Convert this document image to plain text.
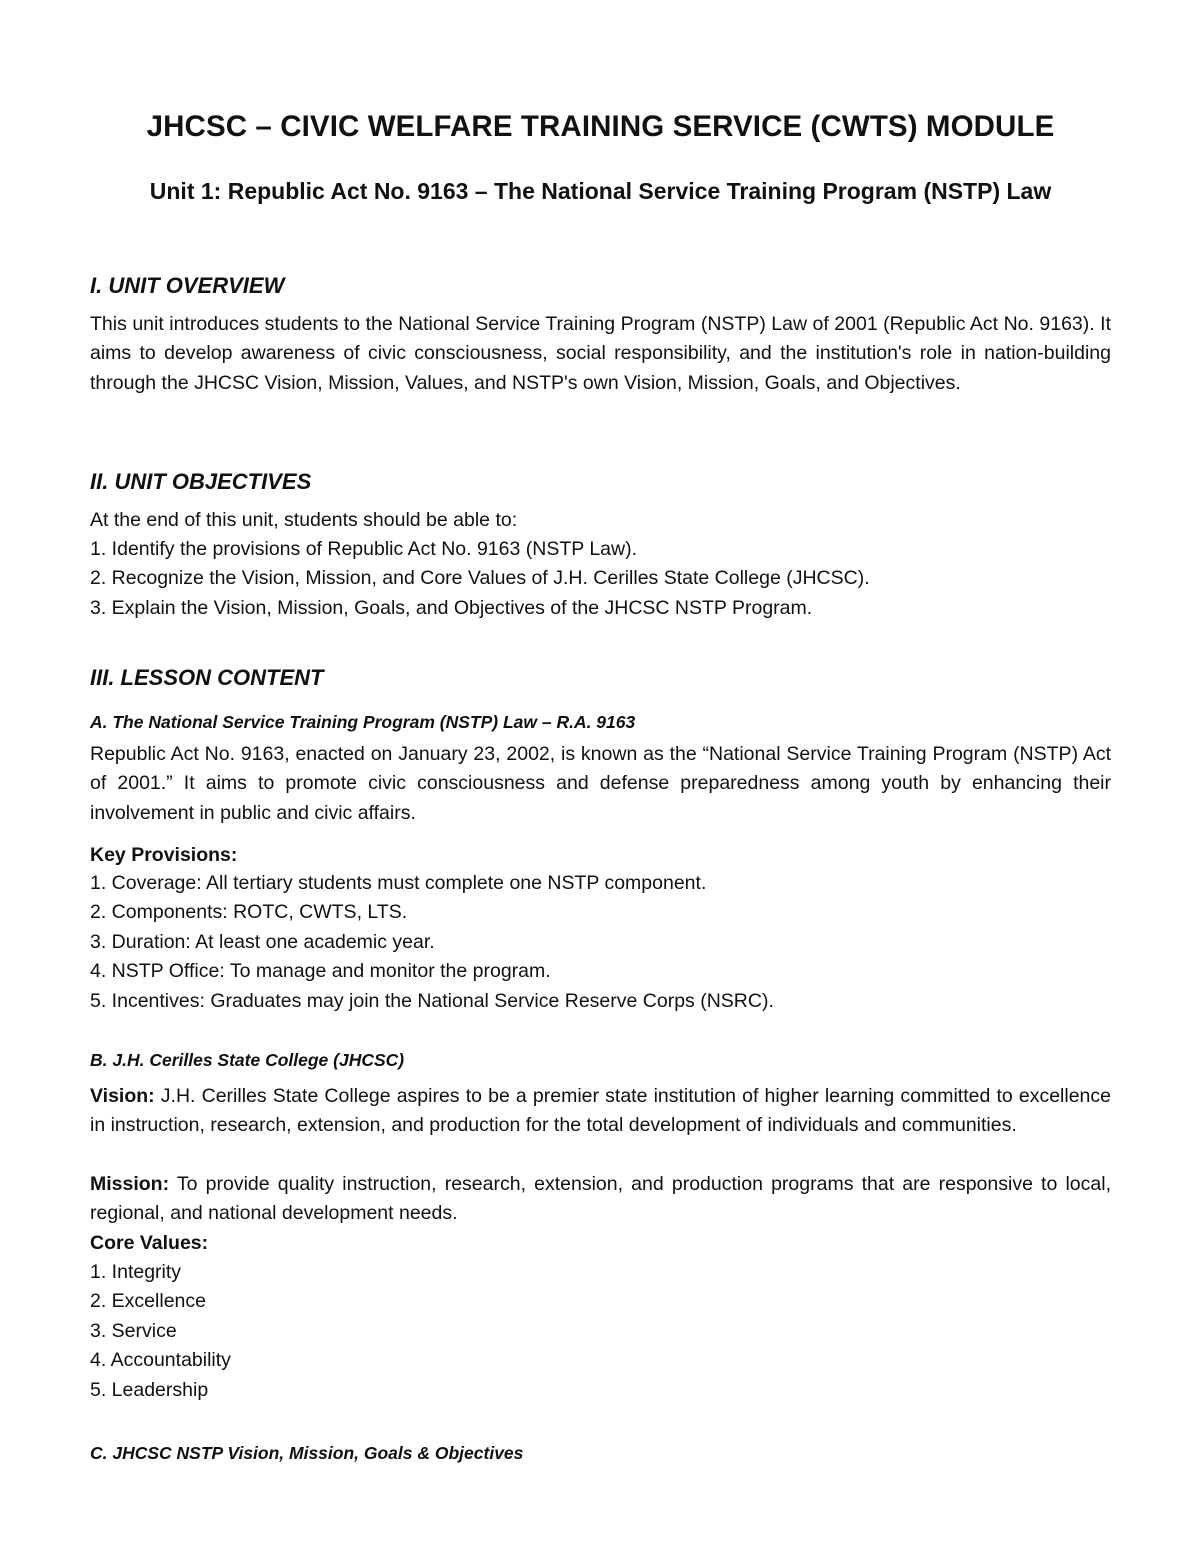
JHCSC – CIVIC WELFARE TRAINING SERVICE (CWTS) MODULE
Unit 1: Republic Act No. 9163 – The National Service Training Program (NSTP) Law
I. UNIT OVERVIEW

This unit introduces students to the National Service Training Program (NSTP) Law of 2001 (Republic Act No. 9163). It aims to develop awareness of civic consciousness, social responsibility, and the institution's role in nation-building through the JHCSC Vision, Mission, Values, and NSTP's own Vision, Mission, Goals, and Objectives.

II. UNIT OBJECTIVES

At the end of this unit, students should be able to:

1. Identify the provisions of Republic Act No. 9163 (NSTP Law).
2. Recognize the Vision, Mission, and Core Values of J.H. Cerilles State College (JHCSC).
3. Explain the Vision, Mission, Goals, and Objectives of the JHCSC NSTP Program.
III. LESSON CONTENT
A. The National Service Training Program (NSTP) Law – R.A. 9163

Republic Act No. 9163, enacted on January 23, 2002, is known as the “National Service Training Program (NSTP) Act of 2001.” It aims to promote civic consciousness and defense preparedness among youth by enhancing their involvement in public and civic affairs.

Key Provisions:

1. Coverage: All tertiary students must complete one NSTP component.
2. Components: ROTC, CWTS, LTS.
3. Duration: At least one academic year.
4. NSTP Office: To manage and monitor the program.
5. Incentives: Graduates may join the National Service Reserve Corps (NSRC).
B. J.H. Cerilles State College (JHCSC)

Vision: J.H. Cerilles State College aspires to be a premier state institution of higher learning committed to excellence in instruction, research, extension, and production for the total development of individuals and communities.

Mission: To provide quality instruction, research, extension, and production programs that are responsive to local, regional, and national development needs.

Core Values:

1. Integrity
2. Excellence
3. Service
4. Accountability
5. Leadership
C. JHCSC NSTP Vision, Mission, Goals & Objectives
